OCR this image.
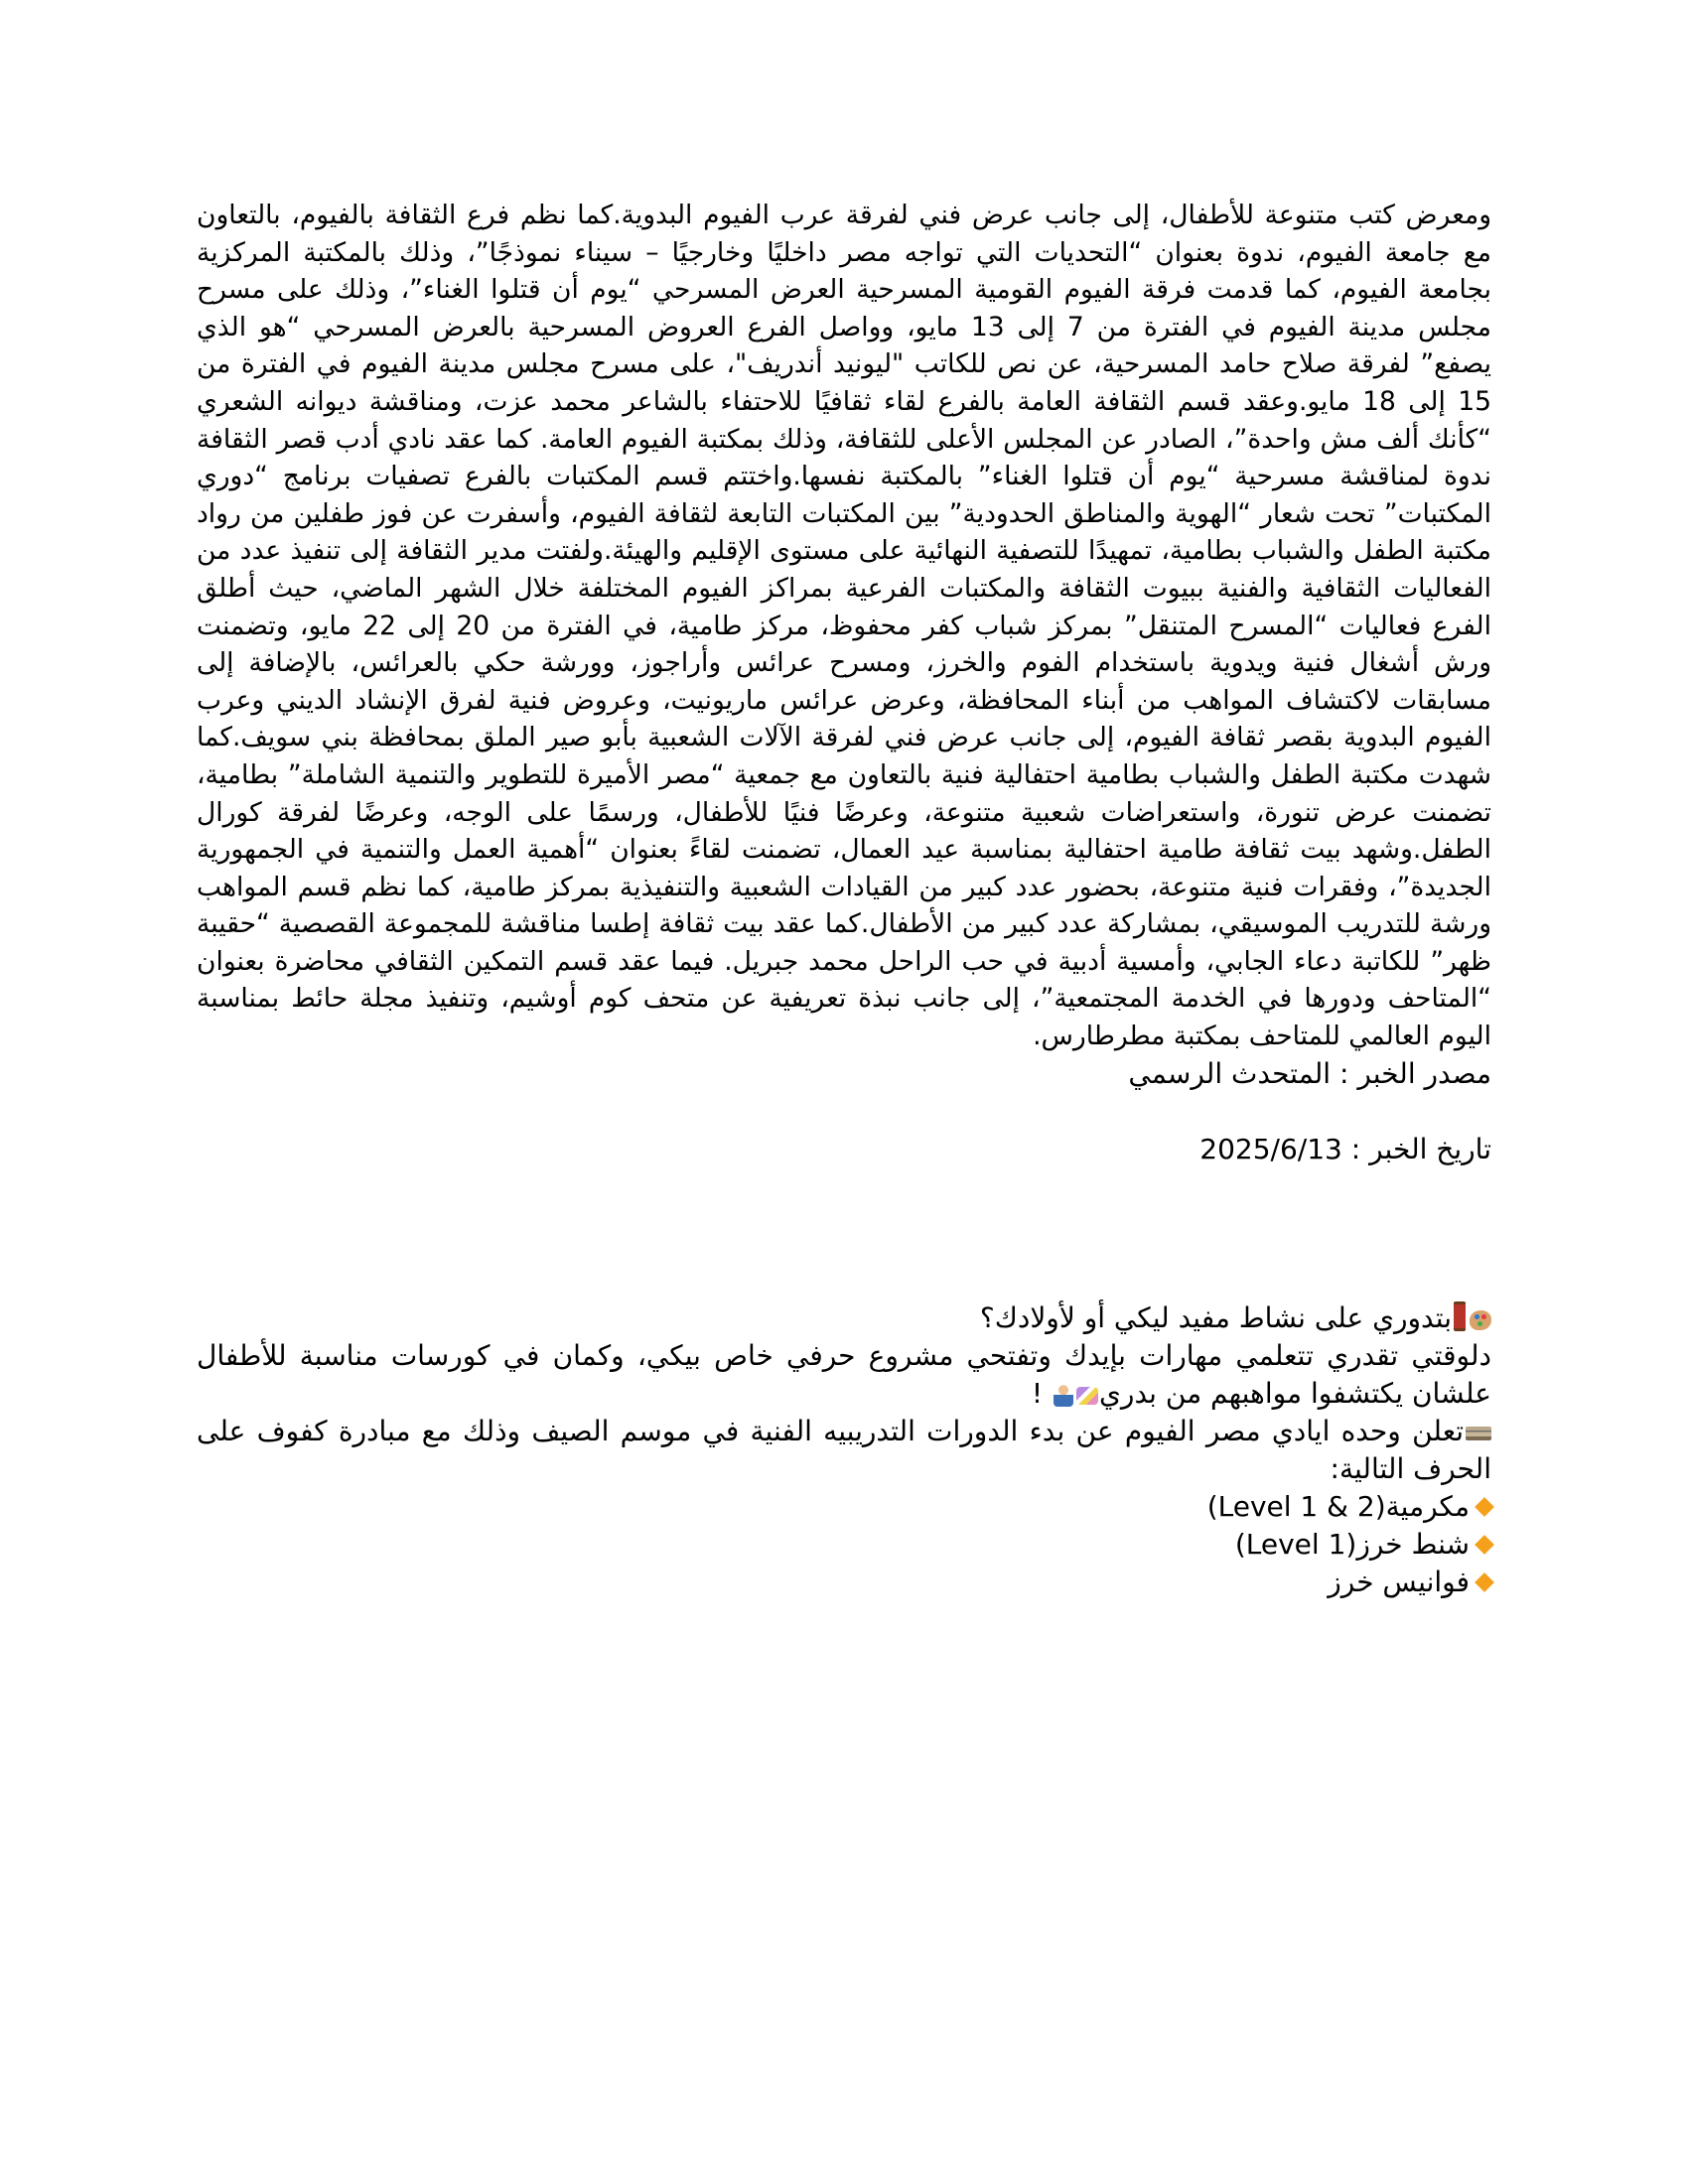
ومعرض كتب متنوعة للأطفال، إلى جانب عرض فني لفرقة عرب الفيوم البدوية.كما نظم فرع الثقافة بالفيوم، بالتعاون مع جامعة الفيوم، ندوة بعنوان “التحديات التي تواجه مصر داخليًا وخارجيًا – سيناء نموذجًا”، وذلك بالمكتبة المركزية بجامعة الفيوم، كما قدمت فرقة الفيوم القومية المسرحية العرض المسرحي “يوم أن قتلوا الغناء”، وذلك على مسرح مجلس مدينة الفيوم في الفترة من 7 إلى 13 مايو، وواصل الفرع العروض المسرحية بالعرض المسرحي “هو الذي يصفع” لفرقة صلاح حامد المسرحية، عن نص للكاتب "ليونيد أندريف"، على مسرح مجلس مدينة الفيوم في الفترة من 15 إلى 18 مايو.وعقد قسم الثقافة العامة بالفرع لقاء ثقافيًا للاحتفاء بالشاعر محمد عزت، ومناقشة ديوانه الشعري “كأنك ألف مش واحدة”، الصادر عن المجلس الأعلى للثقافة، وذلك بمكتبة الفيوم العامة. كما عقد نادي أدب قصر الثقافة ندوة لمناقشة مسرحية “يوم أن قتلوا الغناء” بالمكتبة نفسها.واختتم قسم المكتبات بالفرع تصفيات برنامج “دوري المكتبات” تحت شعار “الهوية والمناطق الحدودية” بين المكتبات التابعة لثقافة الفيوم، وأسفرت عن فوز طفلين من رواد مكتبة الطفل والشباب بطامية، تمهيدًا للتصفية النهائية على مستوى الإقليم والهيئة.ولفتت مدير الثقافة إلى تنفيذ عدد من الفعاليات الثقافية والفنية ببيوت الثقافة والمكتبات الفرعية بمراكز الفيوم المختلفة خلال الشهر الماضي، حيث أطلق الفرع فعاليات “المسرح المتنقل” بمركز شباب كفر محفوظ، مركز طامية، في الفترة من 20 إلى 22 مايو، وتضمنت ورش أشغال فنية ويدوية باستخدام الفوم والخرز، ومسرح عرائس وأراجوز، وورشة حكي بالعرائس، بالإضافة إلى مسابقات لاكتشاف المواهب من أبناء المحافظة، وعرض عرائس ماريونيت، وعروض فنية لفرق الإنشاد الديني وعرب الفيوم البدوية بقصر ثقافة الفيوم، إلى جانب عرض فني لفرقة الآلات الشعبية بأبو صير الملق بمحافظة بني سويف.كما شهدت مكتبة الطفل والشباب بطامية احتفالية فنية بالتعاون مع جمعية “مصر الأميرة للتطوير والتنمية الشاملة” بطامية، تضمنت عرض تنورة، واستعراضات شعبية متنوعة، وعرضًا فنيًا للأطفال، ورسمًا على الوجه، وعرضًا لفرقة كورال الطفل.وشهد بيت ثقافة طامية احتفالية بمناسبة عيد العمال، تضمنت لقاءً بعنوان “أهمية العمل والتنمية في الجمهورية الجديدة”، وفقرات فنية متنوعة، بحضور عدد كبير من القيادات الشعبية والتنفيذية بمركز طامية، كما نظم قسم المواهب ورشة للتدريب الموسيقي، بمشاركة عدد كبير من الأطفال.كما عقد بيت ثقافة إطسا مناقشة للمجموعة القصصية “حقيبة ظهر” للكاتبة دعاء الجابي، وأمسية أدبية في حب الراحل محمد جبريل. فيما عقد قسم التمكين الثقافي محاضرة بعنوان “المتاحف ودورها في الخدمة المجتمعية”، إلى جانب نبذة تعريفية عن متحف كوم أوشيم، وتنفيذ مجلة حائط بمناسبة اليوم العالمي للمتاحف بمكتبة مطرطارس.

مصدر الخبر : المتحدث الرسمي

تاريخ الخبر : 2025/6/13

بتدوري على نشاط مفيد ليكي أو لأولادك؟

دلوقتي تقدري تتعلمي مهارات بإيدك وتفتحي مشروع حرفي خاص بيكي، وكمان في كورسات مناسبة للأطفال علشان يكتشفوا مواهبهم من بدري !

تعلن وحده ايادي مصر الفيوم عن بدء الدورات التدريبيه الفنية في موسم الصيف وذلك مع مبادرة كفوف على الحرف التالية:

مكرمية(Level 1 & 2)
شنط خرز(Level 1)
فوانيس خرز
